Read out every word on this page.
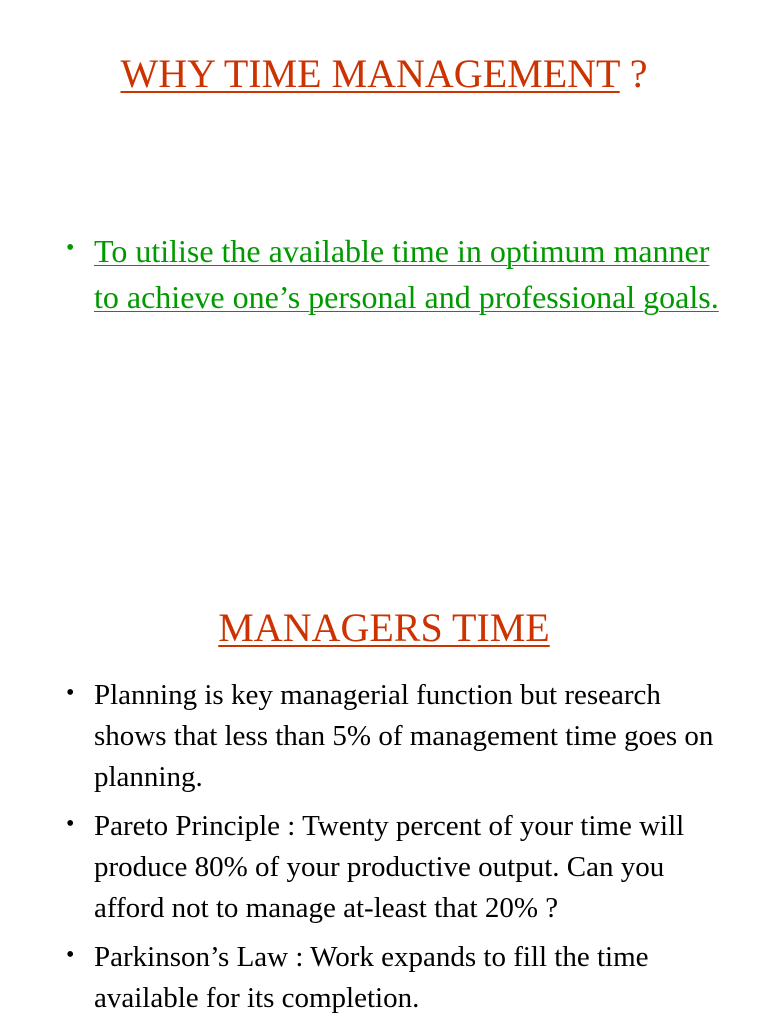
WHY TIME MANAGEMENT ?
• To utilise the available time in optimum manner to achieve one’s personal and professional goals.
MANAGERS TIME
• Planning is key managerial function but research shows that less than 5% of management time goes on planning.
• Pareto Principle : Twenty percent of your time will produce 80% of your productive output. Can you afford not to manage at-least that 20% ?
• Parkinson’s Law : Work expands to fill the time available for its completion.
